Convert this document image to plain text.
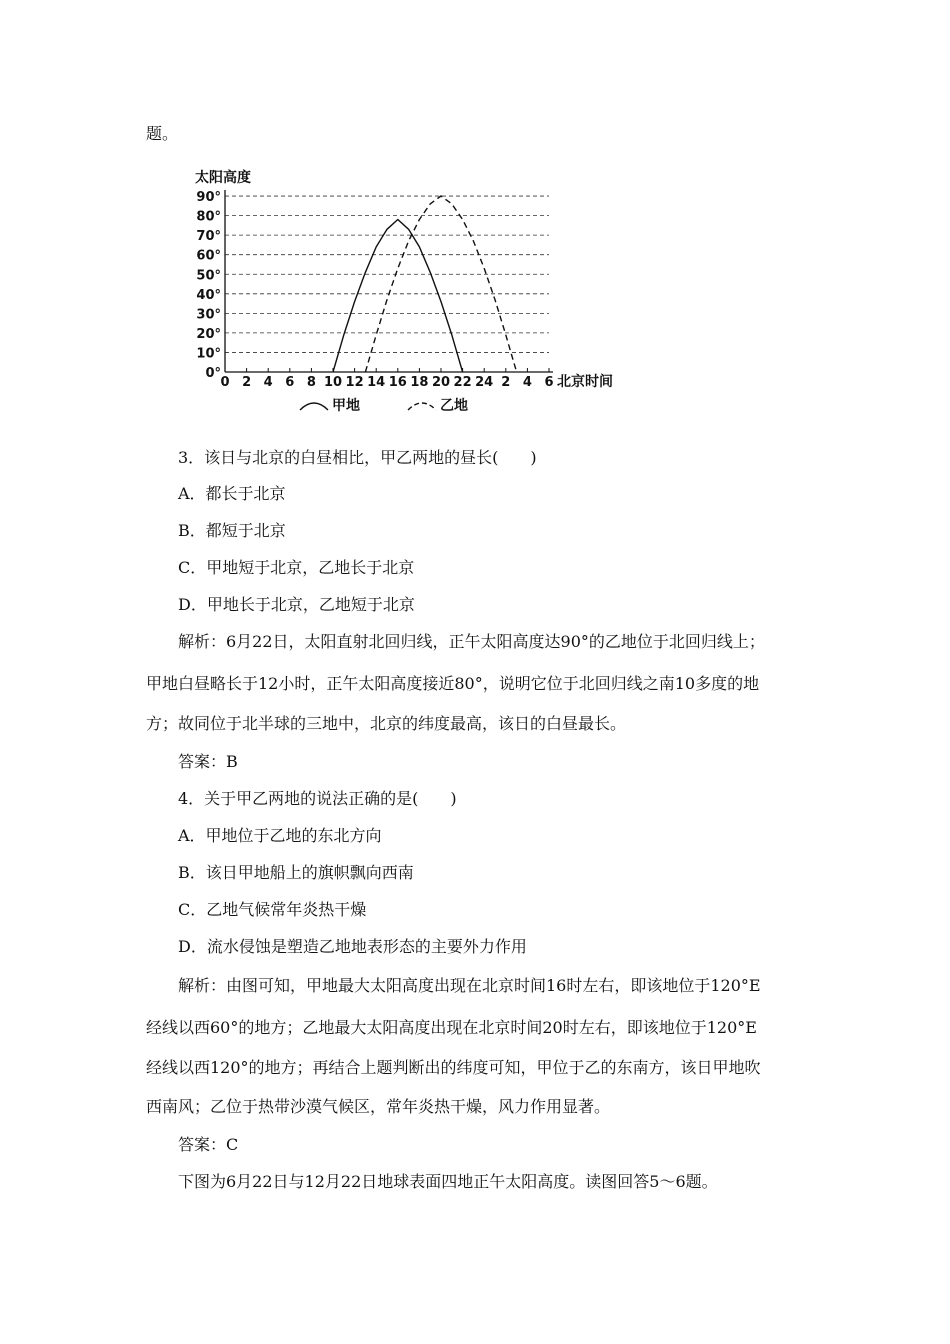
题。
太阳高度
0°
10°
20°
30°
40°
50°
60°
70°
80°
90°
0 2 4 6 8 10 12 14 16 18 20 22 24 2 4 6 北京时间
甲地	乙地
3．该日与北京的白昼相比，甲乙两地的昼长(　　)
A．都长于北京
B．都短于北京
C．甲地短于北京，乙地长于北京
D．甲地长于北京，乙地短于北京
解析：6月22日，太阳直射北回归线，正午太阳高度达90°的乙地位于北回归线上；
甲地白昼略长于12小时，正午太阳高度接近80°，说明它位于北回归线之南10多度的地
方；故同位于北半球的三地中，北京的纬度最高，该日的白昼最长。
答案：B
4．关于甲乙两地的说法正确的是(　　)
A．甲地位于乙地的东北方向
B．该日甲地船上的旗帜飘向西南
C．乙地气候常年炎热干燥
D．流水侵蚀是塑造乙地地表形态的主要外力作用
解析：由图可知，甲地最大太阳高度出现在北京时间16时左右，即该地位于120°E
经线以西60°的地方；乙地最大太阳高度出现在北京时间20时左右，即该地位于120°E
经线以西120°的地方；再结合上题判断出的纬度可知，甲位于乙的东南方，该日甲地吹
西南风；乙位于热带沙漠气候区，常年炎热干燥，风力作用显著。
答案：C
下图为6月22日与12月22日地球表面四地正午太阳高度。读图回答5～6题。
